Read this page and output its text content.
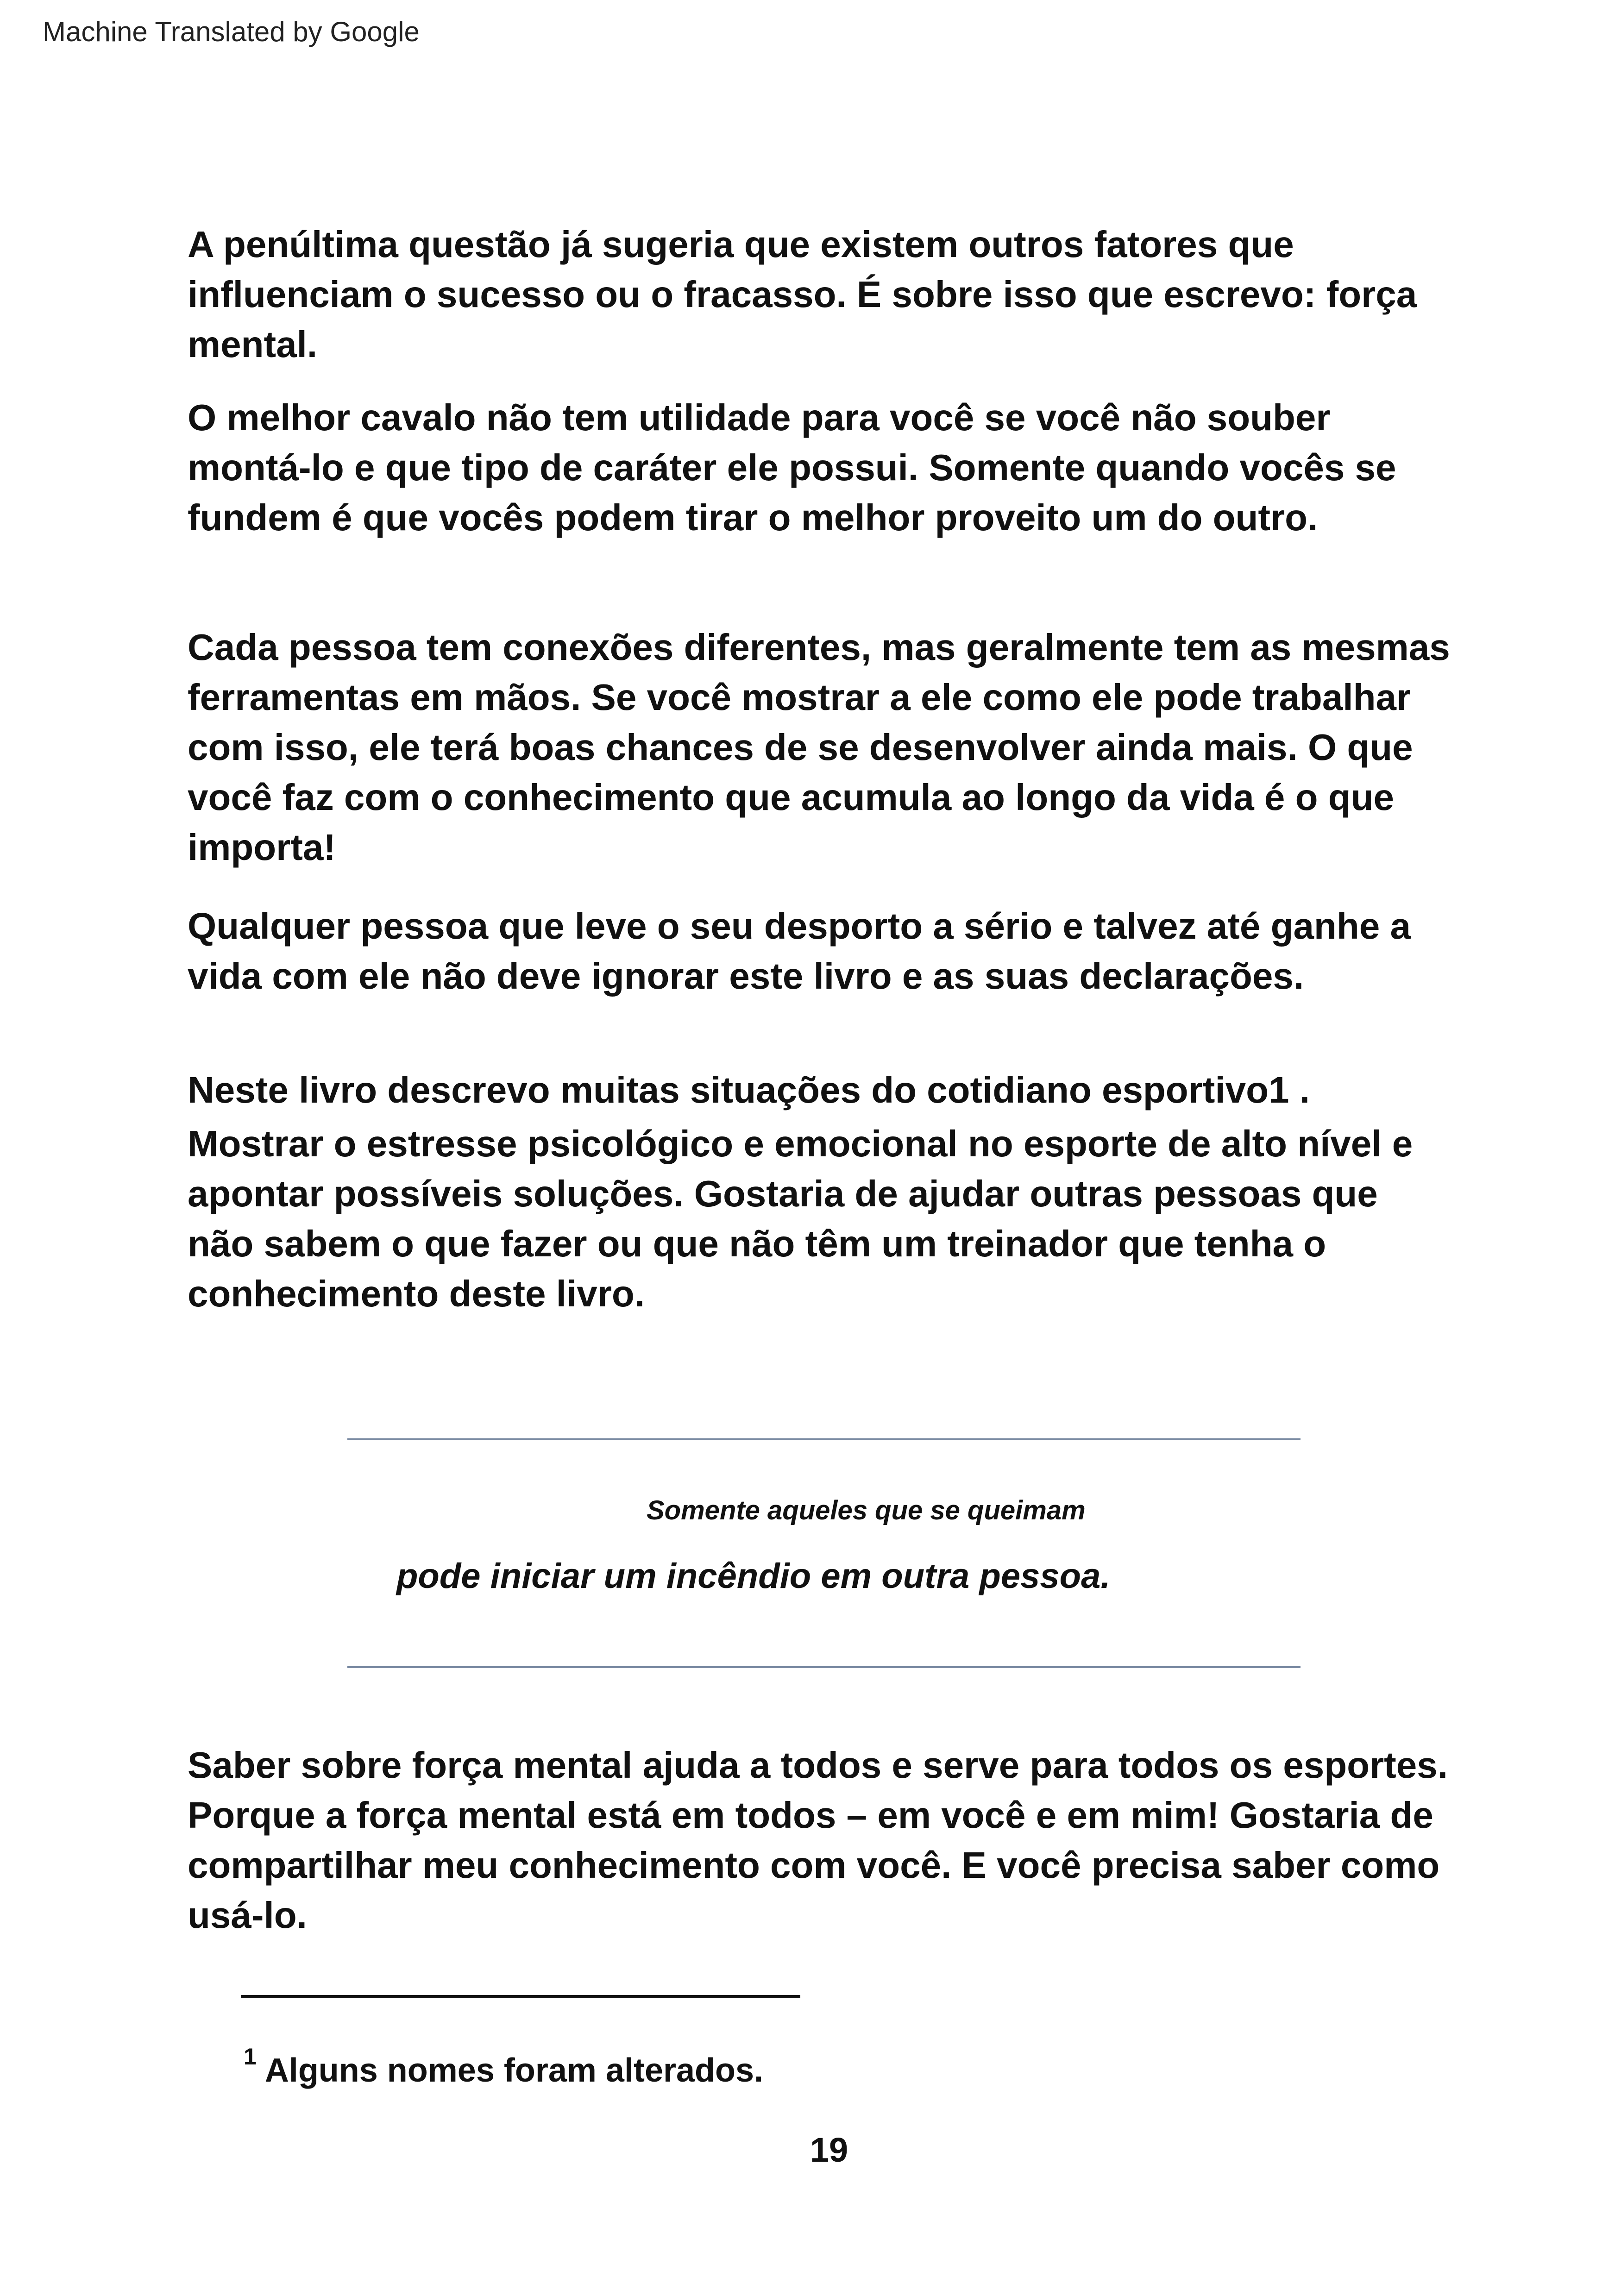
Machine Translated by Google

A penúltima questão já sugeria que existem outros fatores que
influenciam o sucesso ou o fracasso. É sobre isso que escrevo: força
mental.

O melhor cavalo não tem utilidade para você se você não souber
montá-lo e que tipo de caráter ele possui. Somente quando vocês se
fundem é que vocês podem tirar o melhor proveito um do outro.

Cada pessoa tem conexões diferentes, mas geralmente tem as mesmas
ferramentas em mãos. Se você mostrar a ele como ele pode trabalhar
com isso, ele terá boas chances de se desenvolver ainda mais. O que
você faz com o conhecimento que acumula ao longo da vida é o que
importa!

Qualquer pessoa que leve o seu desporto a sério e talvez até ganhe a
vida com ele não deve ignorar este livro e as suas declarações.

Neste livro descrevo muitas situações do cotidiano esportivo1 .

Mostrar o estresse psicológico e emocional no esporte de alto nível e
apontar possíveis soluções. Gostaria de ajudar outras pessoas que
não sabem o que fazer ou que não têm um treinador que tenha o
conhecimento deste livro.

Somente aqueles que se queimam

pode iniciar um incêndio em outra pessoa.

Saber sobre força mental ajuda a todos e serve para todos os esportes.
Porque a força mental está em todos – em você e em mim! Gostaria de
compartilhar meu conhecimento com você. E você precisa saber como
usá-lo.

$^1$ Alguns nomes foram alterados.

19
